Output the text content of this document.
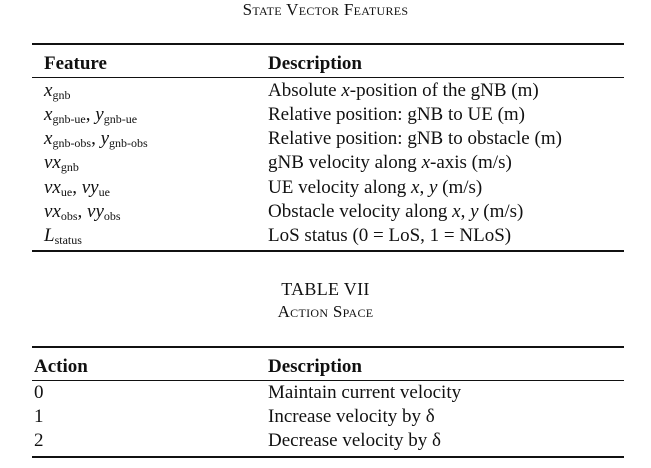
State Vector Features
Feature	Description
$x_{gnb}$	Absolute x-position of the gNB (m)
$x_{gnb-ue}$, $y_{gnb-ue}$	Relative position: gNB to UE (m)
$x_{gnb-obs}$, $y_{gnb-obs}$	Relative position: gNB to obstacle (m)
$vx_{gnb}$	gNB velocity along x-axis (m/s)
$vx_{ue}$, $vy_{ue}$	UE velocity along x, y (m/s)
$vx_{obs}$, $vy_{obs}$	Obstacle velocity along x, y (m/s)
$L_{status}$	LoS status (0 = LoS, 1 = NLoS)
TABLE VII
Action Space
Action	Description
0	Maintain current velocity
1	Increase velocity by δ
2	Decrease velocity by δ
